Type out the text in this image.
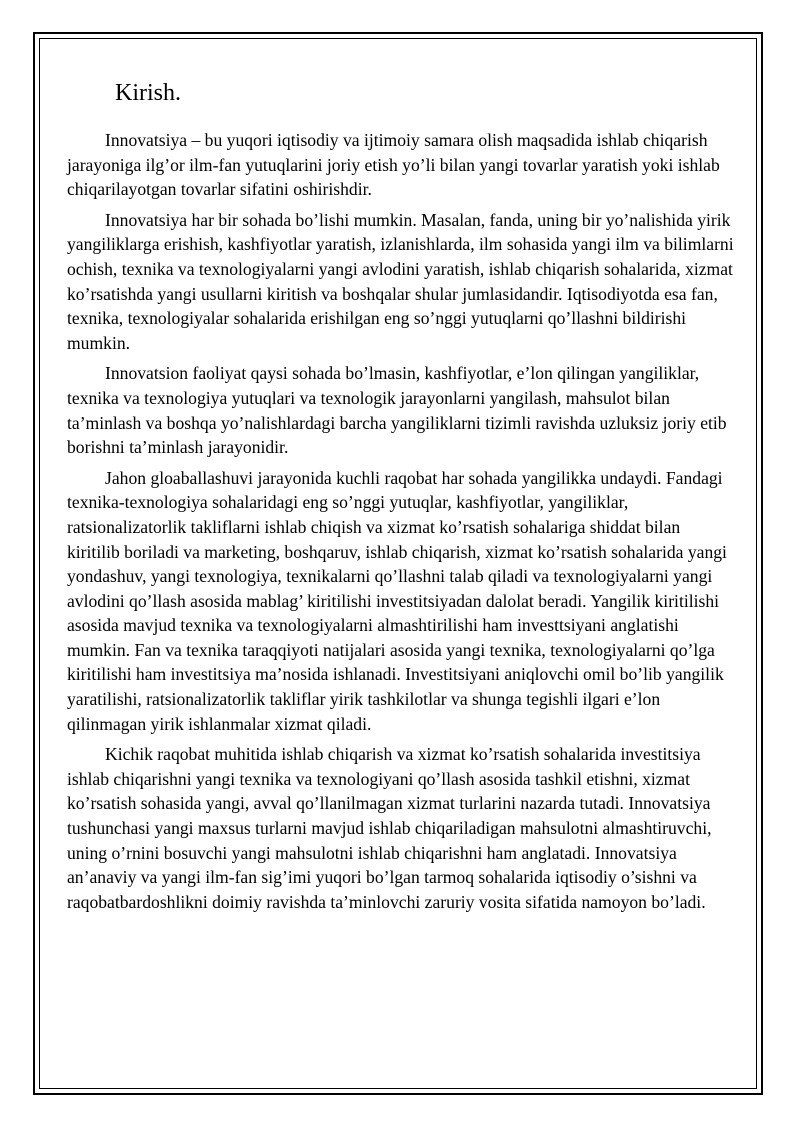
Kirish.

Innovatsiya – bu yuqori iqtisodiy va ijtimoiy samara olish maqsadida ishlab chiqarish jarayoniga ilg’or ilm-fan yutuqlarini joriy etish yo’li bilan yangi tovarlar yaratish yoki ishlab chiqarilayotgan tovarlar sifatini oshirishdir.

Innovatsiya har bir sohada bo’lishi mumkin. Masalan, fanda, uning bir yo’nalishida yirik yangiliklarga erishish, kashfiyotlar yaratish, izlanishlarda, ilm sohasida yangi ilm va bilimlarni ochish, texnika va texnologiyalarni yangi avlodini yaratish, ishlab chiqarish sohalarida, xizmat ko’rsatishda yangi usullarni kiritish va boshqalar shular jumlasidandir. Iqtisodiyotda esa fan, texnika, texnologiyalar sohalarida erishilgan eng so’nggi yutuqlarni qo’llashni bildirishi mumkin.

Innovatsion faoliyat qaysi sohada bo’lmasin, kashfiyotlar, e’lon qilingan yangiliklar, texnika va texnologiya yutuqlari va texnologik jarayonlarni yangilash, mahsulot bilan ta’minlash va boshqa yo’nalishlardagi barcha yangiliklarni tizimli ravishda uzluksiz joriy etib borishni ta’minlash jarayonidir.

Jahon gloaballashuvi jarayonida kuchli raqobat har sohada yangilikka undaydi. Fandagi texnika-texnologiya sohalaridagi eng so’nggi yutuqlar, kashfiyotlar, yangiliklar, ratsionalizatorlik takliflarni ishlab chiqish va xizmat ko’rsatish sohalariga shiddat bilan kiritilib boriladi va marketing, boshqaruv, ishlab chiqarish, xizmat ko’rsatish sohalarida yangi yondashuv, yangi texnologiya, texnikalarni qo’llashni talab qiladi va texnologiyalarni yangi avlodini qo’llash asosida mablag’ kiritilishi investitsiyadan dalolat beradi. Yangilik kiritilishi asosida mavjud texnika va texnologiyalarni almashtirilishi ham investtsiyani anglatishi mumkin. Fan va texnika taraqqiyoti natijalari asosida yangi texnika, texnologiyalarni qo’lga kiritilishi ham investitsiya ma’nosida ishlanadi. Investitsiyani aniqlovchi omil bo’lib yangilik yaratilishi, ratsionalizatorlik takliflar yirik tashkilotlar va shunga tegishli ilgari e’lon qilinmagan yirik ishlanmalar xizmat qiladi.

Kichik raqobat muhitida ishlab chiqarish va xizmat ko’rsatish sohalarida investitsiya ishlab chiqarishni yangi texnika va texnologiyani qo’llash asosida tashkil etishni, xizmat ko’rsatish sohasida yangi, avval qo’llanilmagan xizmat turlarini nazarda tutadi. Innovatsiya tushunchasi yangi maxsus turlarni mavjud ishlab chiqariladigan mahsulotni almashtiruvchi, uning o’rnini bosuvchi yangi mahsulotni ishlab chiqarishni ham anglatadi. Innovatsiya an’anaviy va yangi ilm-fan sig’imi yuqori bo’lgan tarmoq sohalarida iqtisodiy o’sishni va raqobatbardoshlikni doimiy ravishda ta’minlovchi zaruriy vosita sifatida namoyon bo’ladi.
